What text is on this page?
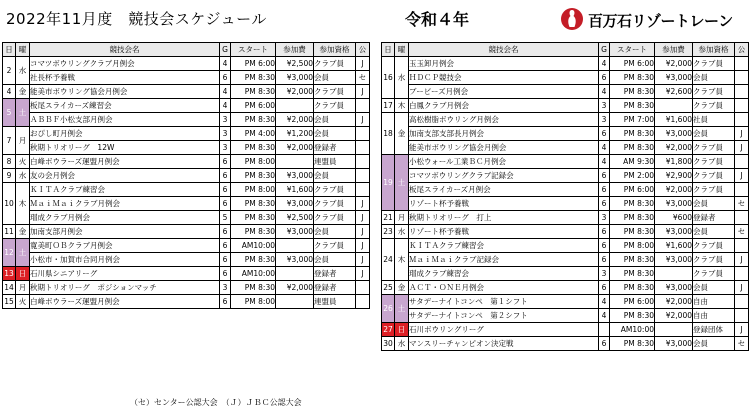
2022年11月度　競技会スケジュール	令和４年	百万石リゾートレーン
日	曜	競技会名	G	スタート	参加費	参加資格	公
2	水	コマツボウリングクラブ月例会	4	PM 6:00	¥2,500	クラブ員	J
		社長杯予養戦	6	PM 8:30	¥3,000	会員	セ
4	金	能美市ボウリング協会月例会	4	PM 8:30	¥2,000	クラブ員	J
5	土	板尾スライカーズ練習会	4	PM 6:00		クラブ員	
		ＡＢＢＦ小松支部月例会	3	PM 8:30	¥2,000	会員	J
7	月	おぴし町月例会	3	PM 4:00	¥1,200	会員	
		秋期トリオリーグ　12W	3	PM 8:30	¥2,000	登録者	
8	火	白峰ボウラーズ運盟月例会	6	PM 8:00		連盟員	
9	水	友の会月例会	6	PM 8:30	¥3,000	会員	
10	木	ＫＩＴＡクラブ練習会	6	PM 8:00	¥1,600	クラブ員	
		ＭａｉＭａｉクラブ月例会	6	PM 8:30	¥3,000	クラブ員	J
		瑁成クラブ月例会	5	PM 8:30	¥2,500	クラブ員	J
11	金	加南支部月例会	6	PM 8:30	¥3,000	会員	J
12	土	寛美町ＯＢクラブ月例会	6	AM10:00		クラブ員	J
		小松市・加賀市合同月例会	6	PM 8:30	¥3,000	会員	J
13	日	石川県シニアリーグ	6	AM10:00		登録者	J
14	月	秋期トリオリーグ　ポジションマッチ	3	PM 8:30	¥2,000	登録者	
15	火	白峰ボウラーズ運盟月例会	6	PM 8:00		連盟員	
日	曜	競技会名	G	スタート	参加費	参加資格	公
16	水	玉玉卸月例会	4	PM 6:00	¥2,000	クラブ員	
		ＨＤＣＰ競技会	6	PM 8:30	¥3,000	会員	
		ブービーズ月例会	4	PM 8:30	¥2,600	クラブ員	
17	木	白鳳クラブ月例会	3	PM 8:30		クラブ員	
18	金	高松樹脂ボウリング月例会	3	PM 7:00	¥1,600	社員	
		加南支部支部長月例会	6	PM 8:30	¥3,000	会員	J
		能美市ボウリング協会月例会	4	PM 8:30	¥2,000	クラブ員	J
19	土	小松ウォール工業ＢＣ月例会	4	AM 9:30	¥1,800	クラブ員	
		コマツボウリングクラブ記録会	6	PM 2:00	¥2,900	クラブ員	J
		板尾スライカーズ月例会	6	PM 6:00	¥2,000	クラブ員	
		リゾート杯予養戦	6	PM 8:30	¥3,000	会員	セ
21	月	秋期トリオリーグ　打上	3	PM 8:30	¥600	登録者	
23	水	リゾート杯予養戦	6	PM 8:30	¥3,000	会員	セ
24	木	ＫＩＴＡクラブ練習会	6	PM 8:00	¥1,600	クラブ員	
		ＭａｉＭａｉクラブ記録会	6	PM 8:30	¥3,000	クラブ員	J
		瑁成クラブ練習会	3	PM 8:30		クラブ員	
25	金	ＡＣＴ・ＯＮＥ月例会	6	PM 8:30	¥3,000	会員	J
26	土	サタデーナイトコンペ　第１シフト	4	PM 6:00	¥2,000	自由	
		サタデーナイトコンペ　第２シフト	4	PM 8:30	¥2,000	自由	
27	日	石川ボウリングリーグ		AM10:00		登録団体	J
30	水	マンスリーチャンピオン決定戦	6	PM 8:30	¥3,000	会員	セ
（セ）センター公認大会　（Ｊ）ＪＢＣ公認大会
